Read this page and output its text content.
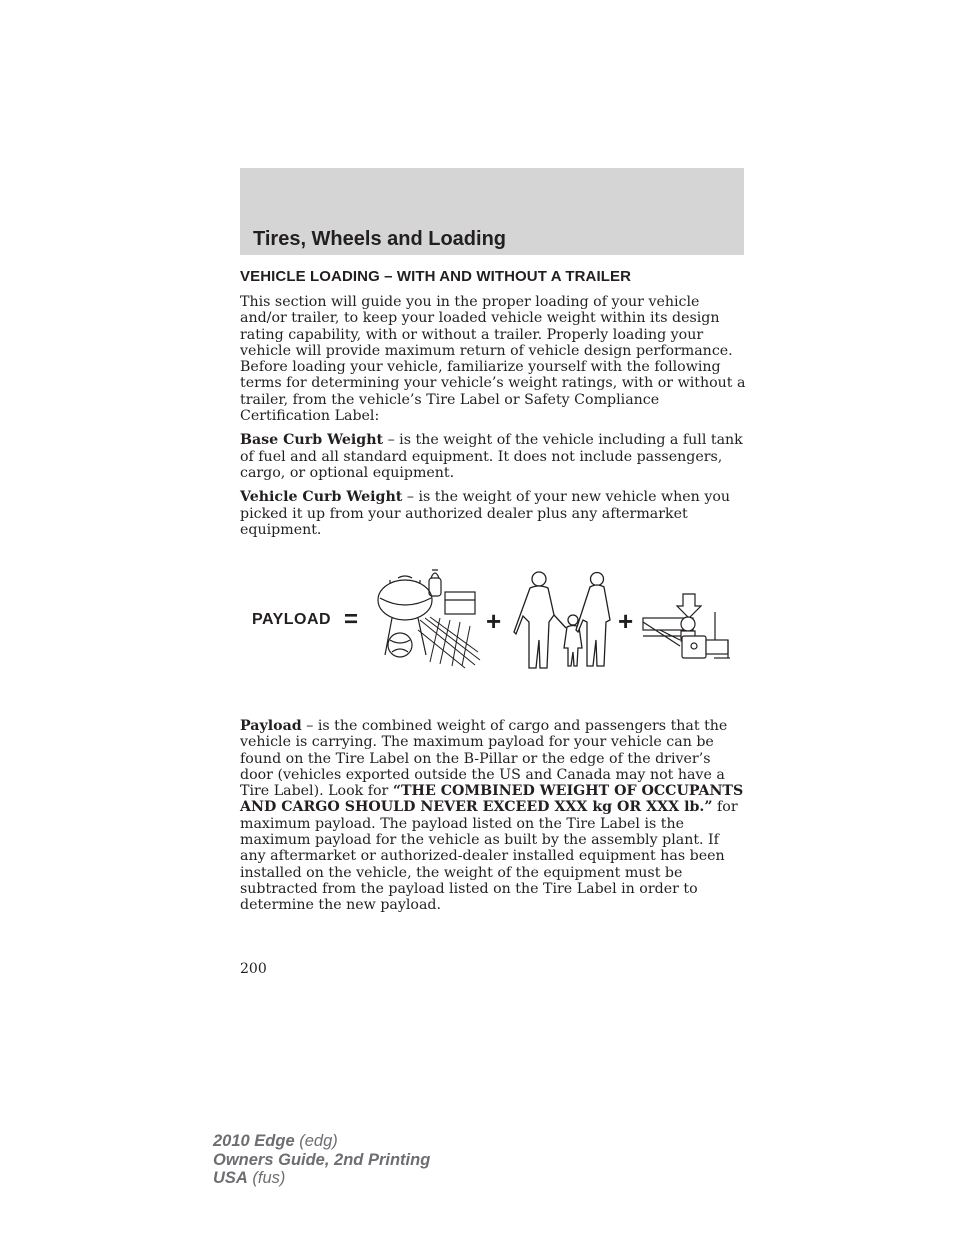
Tires, Wheels and Loading
VEHICLE LOADING – WITH AND WITHOUT A TRAILER

This section will guide you in the proper loading of your vehicle and/or trailer, to keep your loaded vehicle weight within its design rating capability, with or without a trailer. Properly loading your vehicle will provide maximum return of vehicle design performance. Before loading your vehicle, familiarize yourself with the following terms for determining your vehicle’s weight ratings, with or without a trailer, from the vehicle’s Tire Label or Safety Compliance Certification Label:

Base Curb Weight – is the weight of the vehicle including a full tank of fuel and all standard equipment. It does not include passengers, cargo, or optional equipment.

Vehicle Curb Weight – is the weight of your new vehicle when you picked it up from your authorized dealer plus any aftermarket equipment.

PAYLOAD =	+	+

Payload – is the combined weight of cargo and passengers that the vehicle is carrying. The maximum payload for your vehicle can be found on the Tire Label on the B-Pillar or the edge of the driver’s door (vehicles exported outside the US and Canada may not have a Tire Label). Look for “THE COMBINED WEIGHT OF OCCUPANTS AND CARGO SHOULD NEVER EXCEED XXX kg OR XXX lb.” for maximum payload. The payload listed on the Tire Label is the maximum payload for the vehicle as built by the assembly plant. If any aftermarket or authorized-dealer installed equipment has been installed on the vehicle, the weight of the equipment must be subtracted from the payload listed on the Tire Label in order to determine the new payload.

200
2010 Edge (edg)
Owners Guide, 2nd Printing
USA (fus)
